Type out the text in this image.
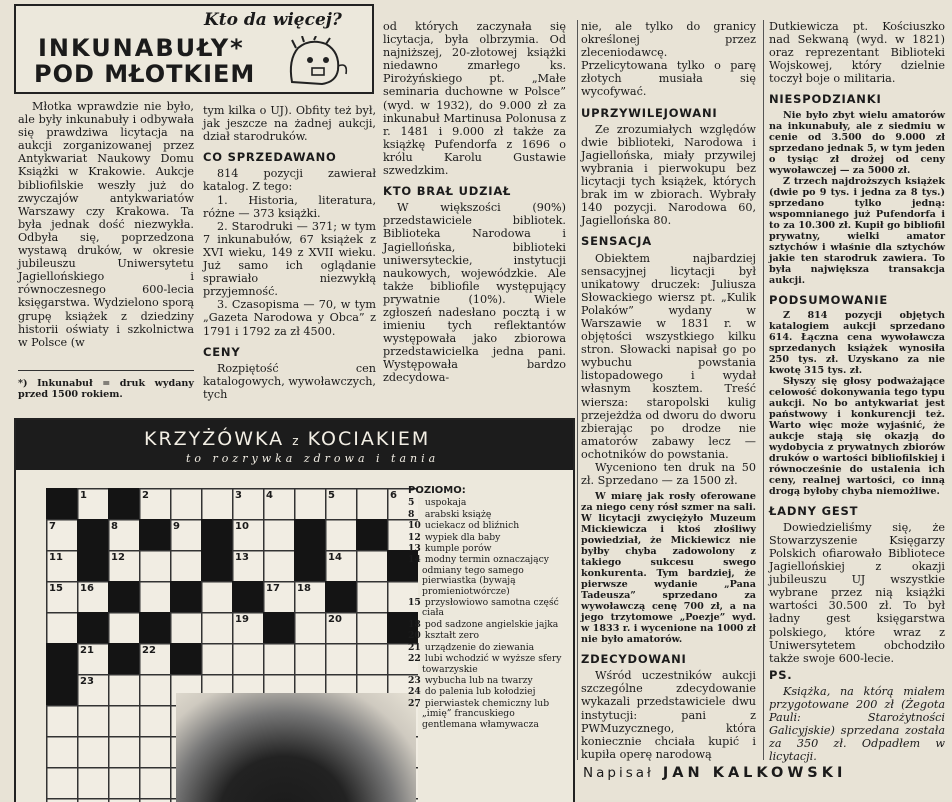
Kto da więcej?
INKUNABUŁY*
POD MŁOTKIEM

Młotka wprawdzie nie było, ale były inkunabuły i odbywała się prawdziwa licytacja na aukcji zorganizowanej przez Antykwariat Naukowy Domu Książki w Krakowie. Aukcje bibliofilskie weszły już do zwyczajów antykwariatów Warszawy czy Krakowa. Ta była jednak dość niezwykła. Odbyła się, poprzedzona wystawą druków, w okresie jubileuszu Uniwersytetu Jagiellońskiego i równoczesnego 600-lecia księgarstwa. Wydzielono sporą grupę książek z dziedziny historii oświaty i szkolnictwa w Polsce (w

*) Inkunabuł = druk wydany przed 1500 rokiem.

tym kilka o UJ). Obfity też był, jak jeszcze na żadnej aukcji, dział starodruków.

CO SPRZEDAWANO

814 pozycji zawierał katalog. Z tego:

1. Historia, literatura, różne — 373 książki.

2. Starodruki — 371; w tym 7 inkunabułów, 67 książek z XVI wieku, 149 z XVII wieku. Już samo ich oglądanie sprawiało niezwykłą przyjemność.

3. Czasopisma — 70, w tym „Gazeta Narodowa y Obca” z 1791 i 1792 za zł 4500.

CENY

Rozpiętość cen katalogowych, wywoławczych, tych

od których zaczynała się licytacja, była olbrzymia. Od najniższej, 20-złotowej książki niedawno zmarłego ks. Pirożyńskiego pt. „Małe seminaria duchowne w Polsce” (wyd. w 1932), do 9.000 zł za inkunabuł Martinusa Polonusa z r. 1481 i 9.000 zł także za książkę Pufendorfa z 1696 o królu Karolu Gustawie szwedzkim.

KTO BRAŁ UDZIAŁ

W większości (90%) przedstawiciele bibliotek. Biblioteka Narodowa i Jagiellońska, biblioteki uniwersyteckie, instytucji naukowych, wojewódzkie. Ale także bibliofile występujący prywatnie (10%). Wiele zgłoszeń nadesłano pocztą i w imieniu tych reflektantów występowała jako zbiorowa przedstawicielka jedna pani. Występowała bardzo zdecydowa-

nie, ale tylko do granicy określonej przez zleceniodawcę. Przelicytowana tylko o parę złotych musiała się wycofywać.

UPRZYWILEJOWANI

Ze zrozumiałych względów dwie biblioteki, Narodowa i Jagiellońska, miały przywilej wybrania i pierwokupu bez licytacji tych książek, których brak im w zbiorach. Wybrały 140 pozycji. Narodowa 60, Jagiellońska 80.

SENSACJA

Obiektem najbardziej sensacyjnej licytacji był unikatowy druczek: Juliusza Słowackiego wiersz pt. „Kulik Polaków” wydany w Warszawie w 1831 r. w objętości wszystkiego kilku stron. Słowacki napisał go po wybuchu powstania listopadowego i wydał własnym kosztem. Treść wiersza: staropolski kulig przejeżdża od dworu do dworu zbierając po drodze nie amatorów zabawy lecz — ochotników do powstania.

Wyceniono ten druk na 50 zł. Sprzedano — za 1500 zł.

W miarę jak rosły oferowane za niego ceny rósł szmer na sali. W licytacji zwyciężyło Muzeum Mickiewicza i ktoś złośliwy powiedział, że Mickiewicz nie byłby chyba zadowolony z takiego sukcesu swego konkurenta. Tym bardziej, że pierwsze wydanie „Pana Tadeusza” sprzedano za wywoławczą cenę 700 zł, a na jego trzytomowe „Poezje” wyd. w 1833 r. i wycenione na 1000 zł nie było amatorów.

ZDECYDOWANI

Wśród uczestników aukcji szczególne zdecydowanie wykazali przedstawiciele dwu instytucji: pani z PWMuzycznego, która koniecznie chciała kupić i kupiła operę narodową

Dutkiewicza pt. Kościuszko nad Sekwaną (wyd. w 1821) oraz reprezentant Biblioteki Wojskowej, który dzielnie toczył boje o militaria.

NIESPODZIANKI

Nie było zbyt wielu amatorów na inkunabuły, ale z siedmiu w cenie od 3.500 do 9.000 zł sprzedano jednak 5, w tym jeden o tysiąc zł drożej od ceny wywoławczej — za 5000 zł.

Z trzech najdroższych książek (dwie po 9 tys. i jedna za 8 tys.) sprzedano tylko jedną: wspomnianego już Pufendorfa i to za 10.300 zł. Kupił go bibliofil prywatny, wielki amator sztychów i właśnie dla sztychów jakie ten starodruk zawiera. To była największa transakcja aukcji.

PODSUMOWANIE

Z 814 pozycji objętych katalogiem aukcji sprzedano 614. Łączna cena wywoławcza sprzedanych książek wynosiła 250 tys. zł. Uzyskano za nie kwotę 315 tys. zł.

Słyszy się głosy podważające celowość dokonywania tego typu aukcji. No bo antykwariat jest państwowy i konkurencji też. Warto więc może wyjaśnić, że aukcje stają się okazją do wydobycia z prywatnych zbiorów druków o wartości bibliofilskiej i równocześnie do ustalenia ich ceny, realnej wartości, co inną drogą byłoby chyba niemożliwe.

ŁADNY GEST

Dowiedzieliśmy się, że Stowarzyszenie Księgarzy Polskich ofiarowało Bibliotece Jagiellońskiej z okazji jubileuszu UJ wszystkie wybrane przez nią książki wartości 30.500 zł. To był ładny gest księgarstwa polskiego, które wraz z Uniwersytetem obchodziło także swoje 600-lecie.

PS.

Książka, na którą miałem przygotowane 200 zł (Żegota Pauli: Starożytności Galicyjskie) sprzedana została za 350 zł. Odpadłem w licytacji.

Napisał JAN KALKOWSKI
KRZYŻÓWKA z KOCIAKIEM
to rozrywka zdrowa i tania
1	2	3 4	5	6
7	8	9	10
11	12	13	14
15 16	17 18
19	20
21	22
23
POZIOMO:
5 uspokaja
8 arabski książę
10 uciekacz od bliźnich
12 wypiek dla baby
13 kumple porów
14 modny termin oznaczający odmiany tego samego pierwiastka (bywają promieniotwórcze)
15 przysłowiowo samotna część ciała
18 pod sadzone angielskie jajka
20 kształt zero
21 urządzenie do ziewania
22 lubi wchodzić w wyższe sfery towarzyskie
23 wybucha lub na twarzy
24 do palenia lub kołodziej
27 pierwiastek chemiczny lub „imię” francuskiego gentlemana włamywacza
